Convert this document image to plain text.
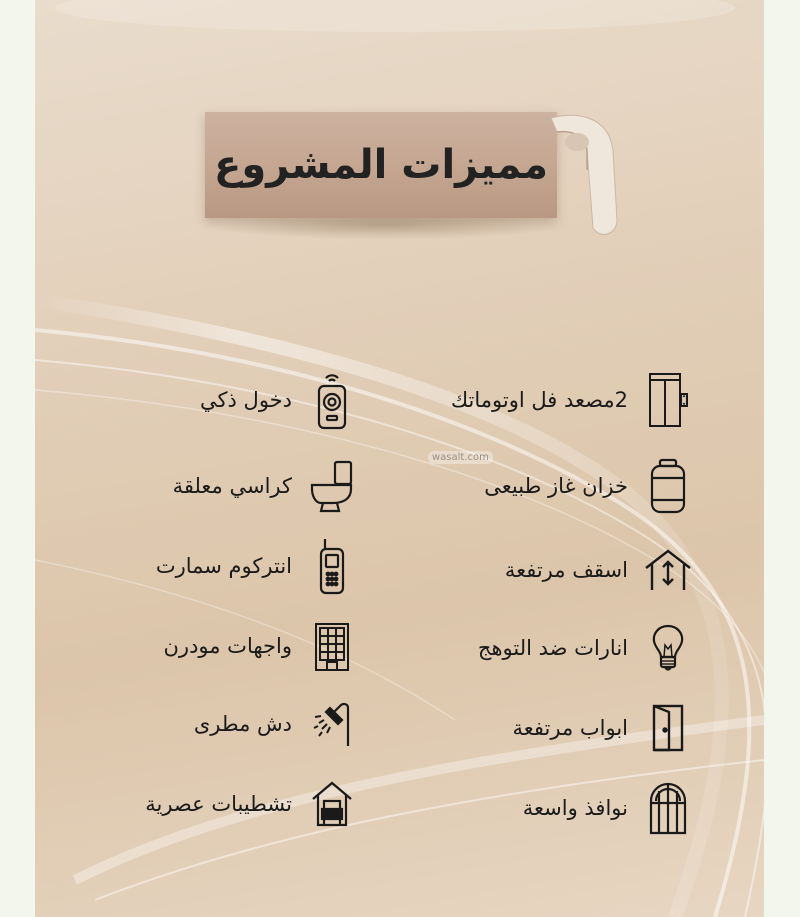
مميزات المشروع
2مصعد فل اوتوماتك
خزان غاز طبيعى
اسقف مرتفعة
انارات ضد التوهج
ابواب مرتفعة
نوافذ واسعة
دخول ذكي
كراسي معلقة
انتركوم سمارت
واجهات مودرن
دش مطرى
تشطيبات عصرية
wasalt.com
